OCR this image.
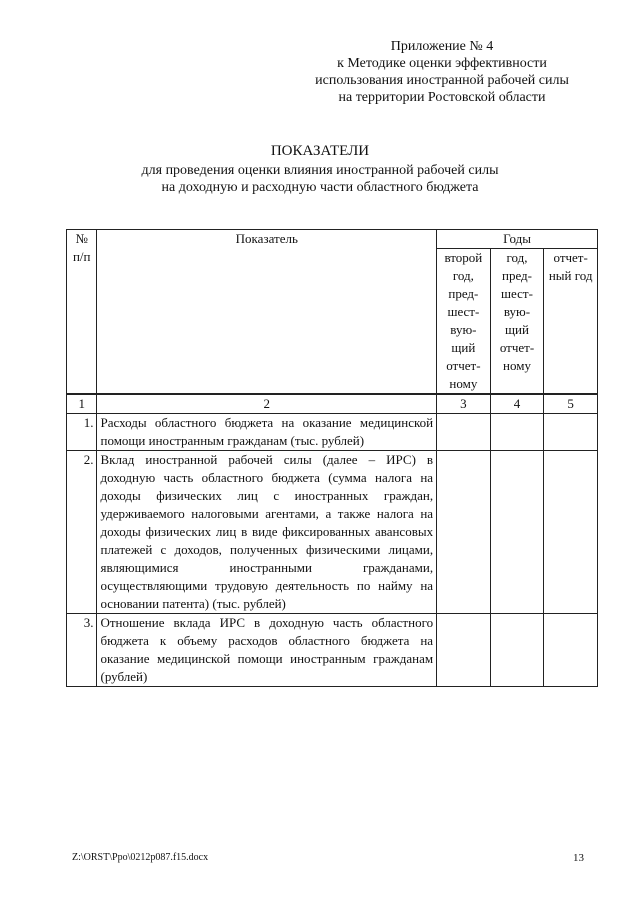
Приложение № 4
к Методике оценки эффективности
использования иностранной рабочей силы
на территории Ростовской области
ПОКАЗАТЕЛИ
для проведения оценки влияния иностранной рабочей силы
на доходную и расходную части областного бюджета
№ п/п	Показатель	Годы		
		второй год, пред- шест- вую- щий отчет- ному	год, пред- шест- вую- щий отчет- ному	отчет- ный год
1	2	3	4	5
1.	Расходы областного бюджета на оказание медицинской помощи иностранным гражданам (тыс. рублей)			
2.	Вклад иностранной рабочей силы (далее – ИРС) в доходную часть областного бюджета (сумма налога на доходы физических лиц с иностранных граждан, удерживаемого налоговыми агентами, а также налога на доходы физических лиц в виде фиксированных авансовых платежей с доходов, полученных физическими лицами, являющимися иностранными гражданами, осуществляющими трудовую деятельность по найму на основании патента) (тыс. рублей)			
3.	Отношение вклада ИРС в доходную часть областного бюджета к объему расходов областного бюджета на оказание медицинской помощи иностранным гражданам (рублей)			
Z:\ORST\Ppo\0212p087.f15.docx	13
